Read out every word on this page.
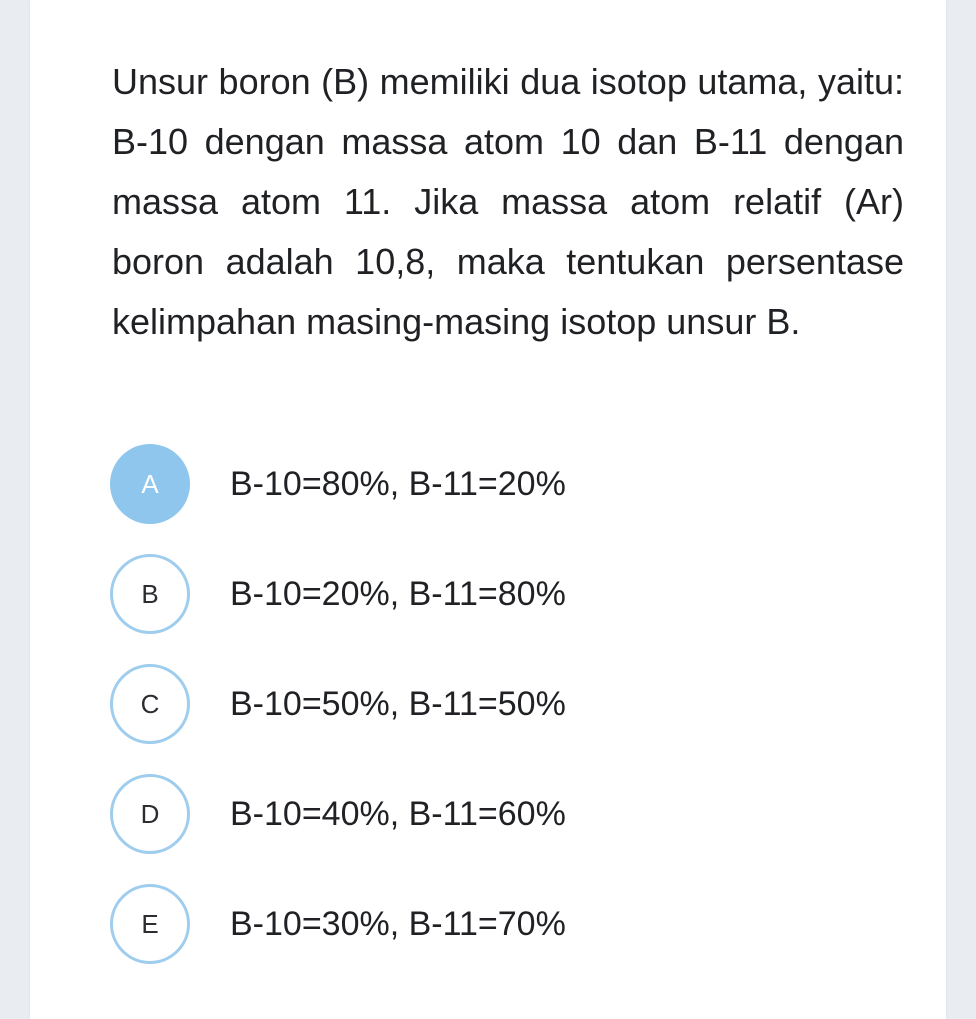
Unsur boron (B) memiliki dua isotop utama, yaitu: B-10 dengan massa atom 10 dan B-11 dengan massa atom 11. Jika massa atom relatif (Ar) boron adalah 10,8, maka tentukan persentase kelimpahan masing-masing isotop unsur B.

A	B-10=80%, B-11=20%
B	B-10=20%, B-11=80%
C	B-10=50%, B-11=50%
D	B-10=40%, B-11=60%
E	B-10=30%, B-11=70%
